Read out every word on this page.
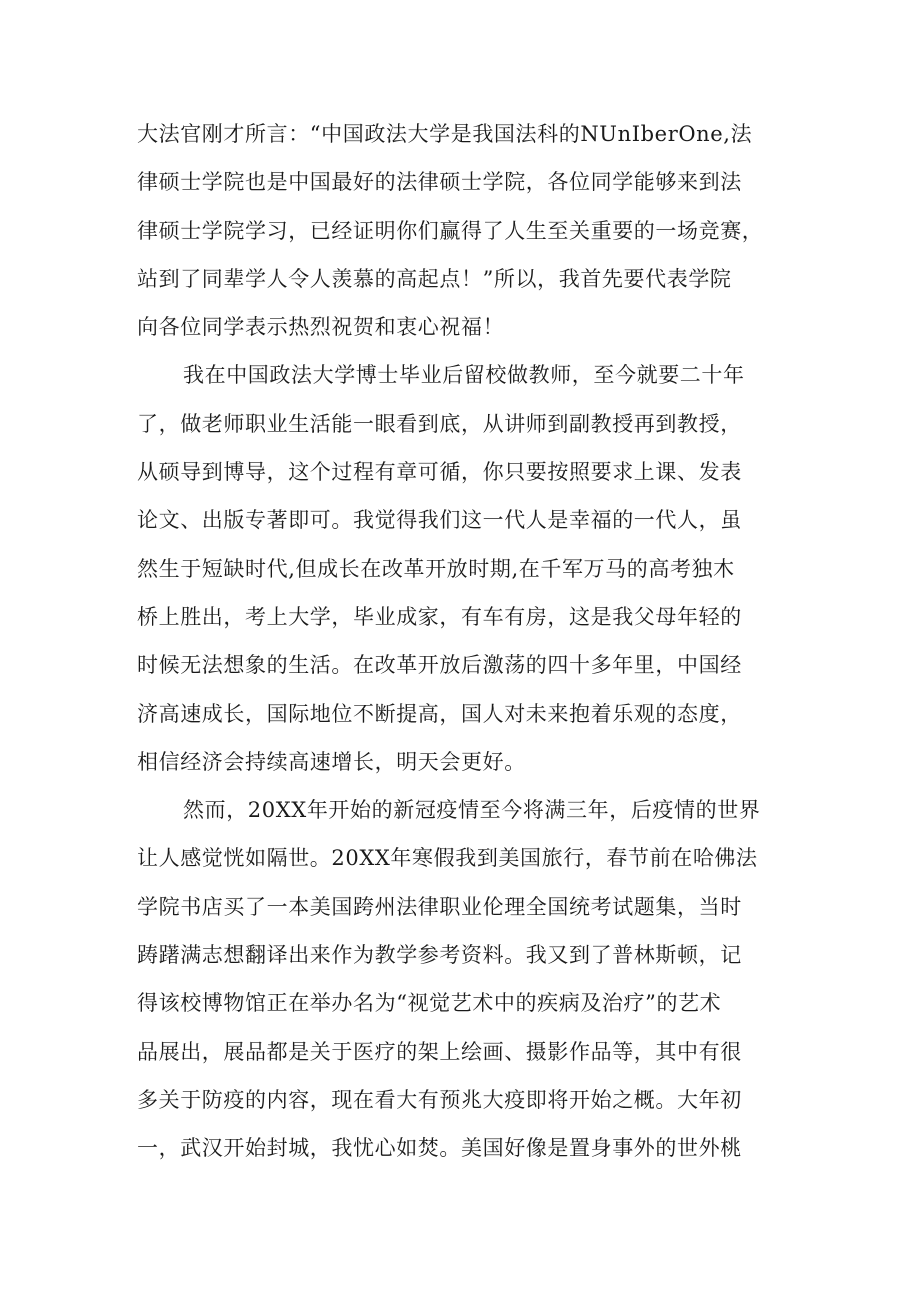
大法官刚才所言：“中国政法大学是我国法科的NUnIberOne,法
律硕士学院也是中国最好的法律硕士学院，各位同学能够来到法
律硕士学院学习，已经证明你们赢得了人生至关重要的一场竞赛，
站到了同辈学人令人羡慕的高起点！”所以，我首先要代表学院
向各位同学表示热烈祝贺和衷心祝福！
我在中国政法大学博士毕业后留校做教师，至今就要二十年
了，做老师职业生活能一眼看到底，从讲师到副教授再到教授，
从硕导到博导，这个过程有章可循，你只要按照要求上课、发表
论文、出版专著即可。我觉得我们这一代人是幸福的一代人，虽
然生于短缺时代,但成长在改革开放时期,在千军万马的高考独木
桥上胜出，考上大学，毕业成家，有车有房，这是我父母年轻的
时候无法想象的生活。在改革开放后激荡的四十多年里，中国经
济高速成长，国际地位不断提高，国人对未来抱着乐观的态度，
相信经济会持续高速增长，明天会更好。
然而，20XX年开始的新冠疫情至今将满三年，后疫情的世界
让人感觉恍如隔世。20XX年寒假我到美国旅行，春节前在哈佛法
学院书店买了一本美国跨州法律职业伦理全国统考试题集，当时
踌躇满志想翻译出来作为教学参考资料。我又到了普林斯顿，记
得该校博物馆正在举办名为“视觉艺术中的疾病及治疗”的艺术
品展出，展品都是关于医疗的架上绘画、摄影作品等，其中有很
多关于防疫的内容，现在看大有预兆大疫即将开始之概。大年初
一，武汉开始封城，我忧心如焚。美国好像是置身事外的世外桃
